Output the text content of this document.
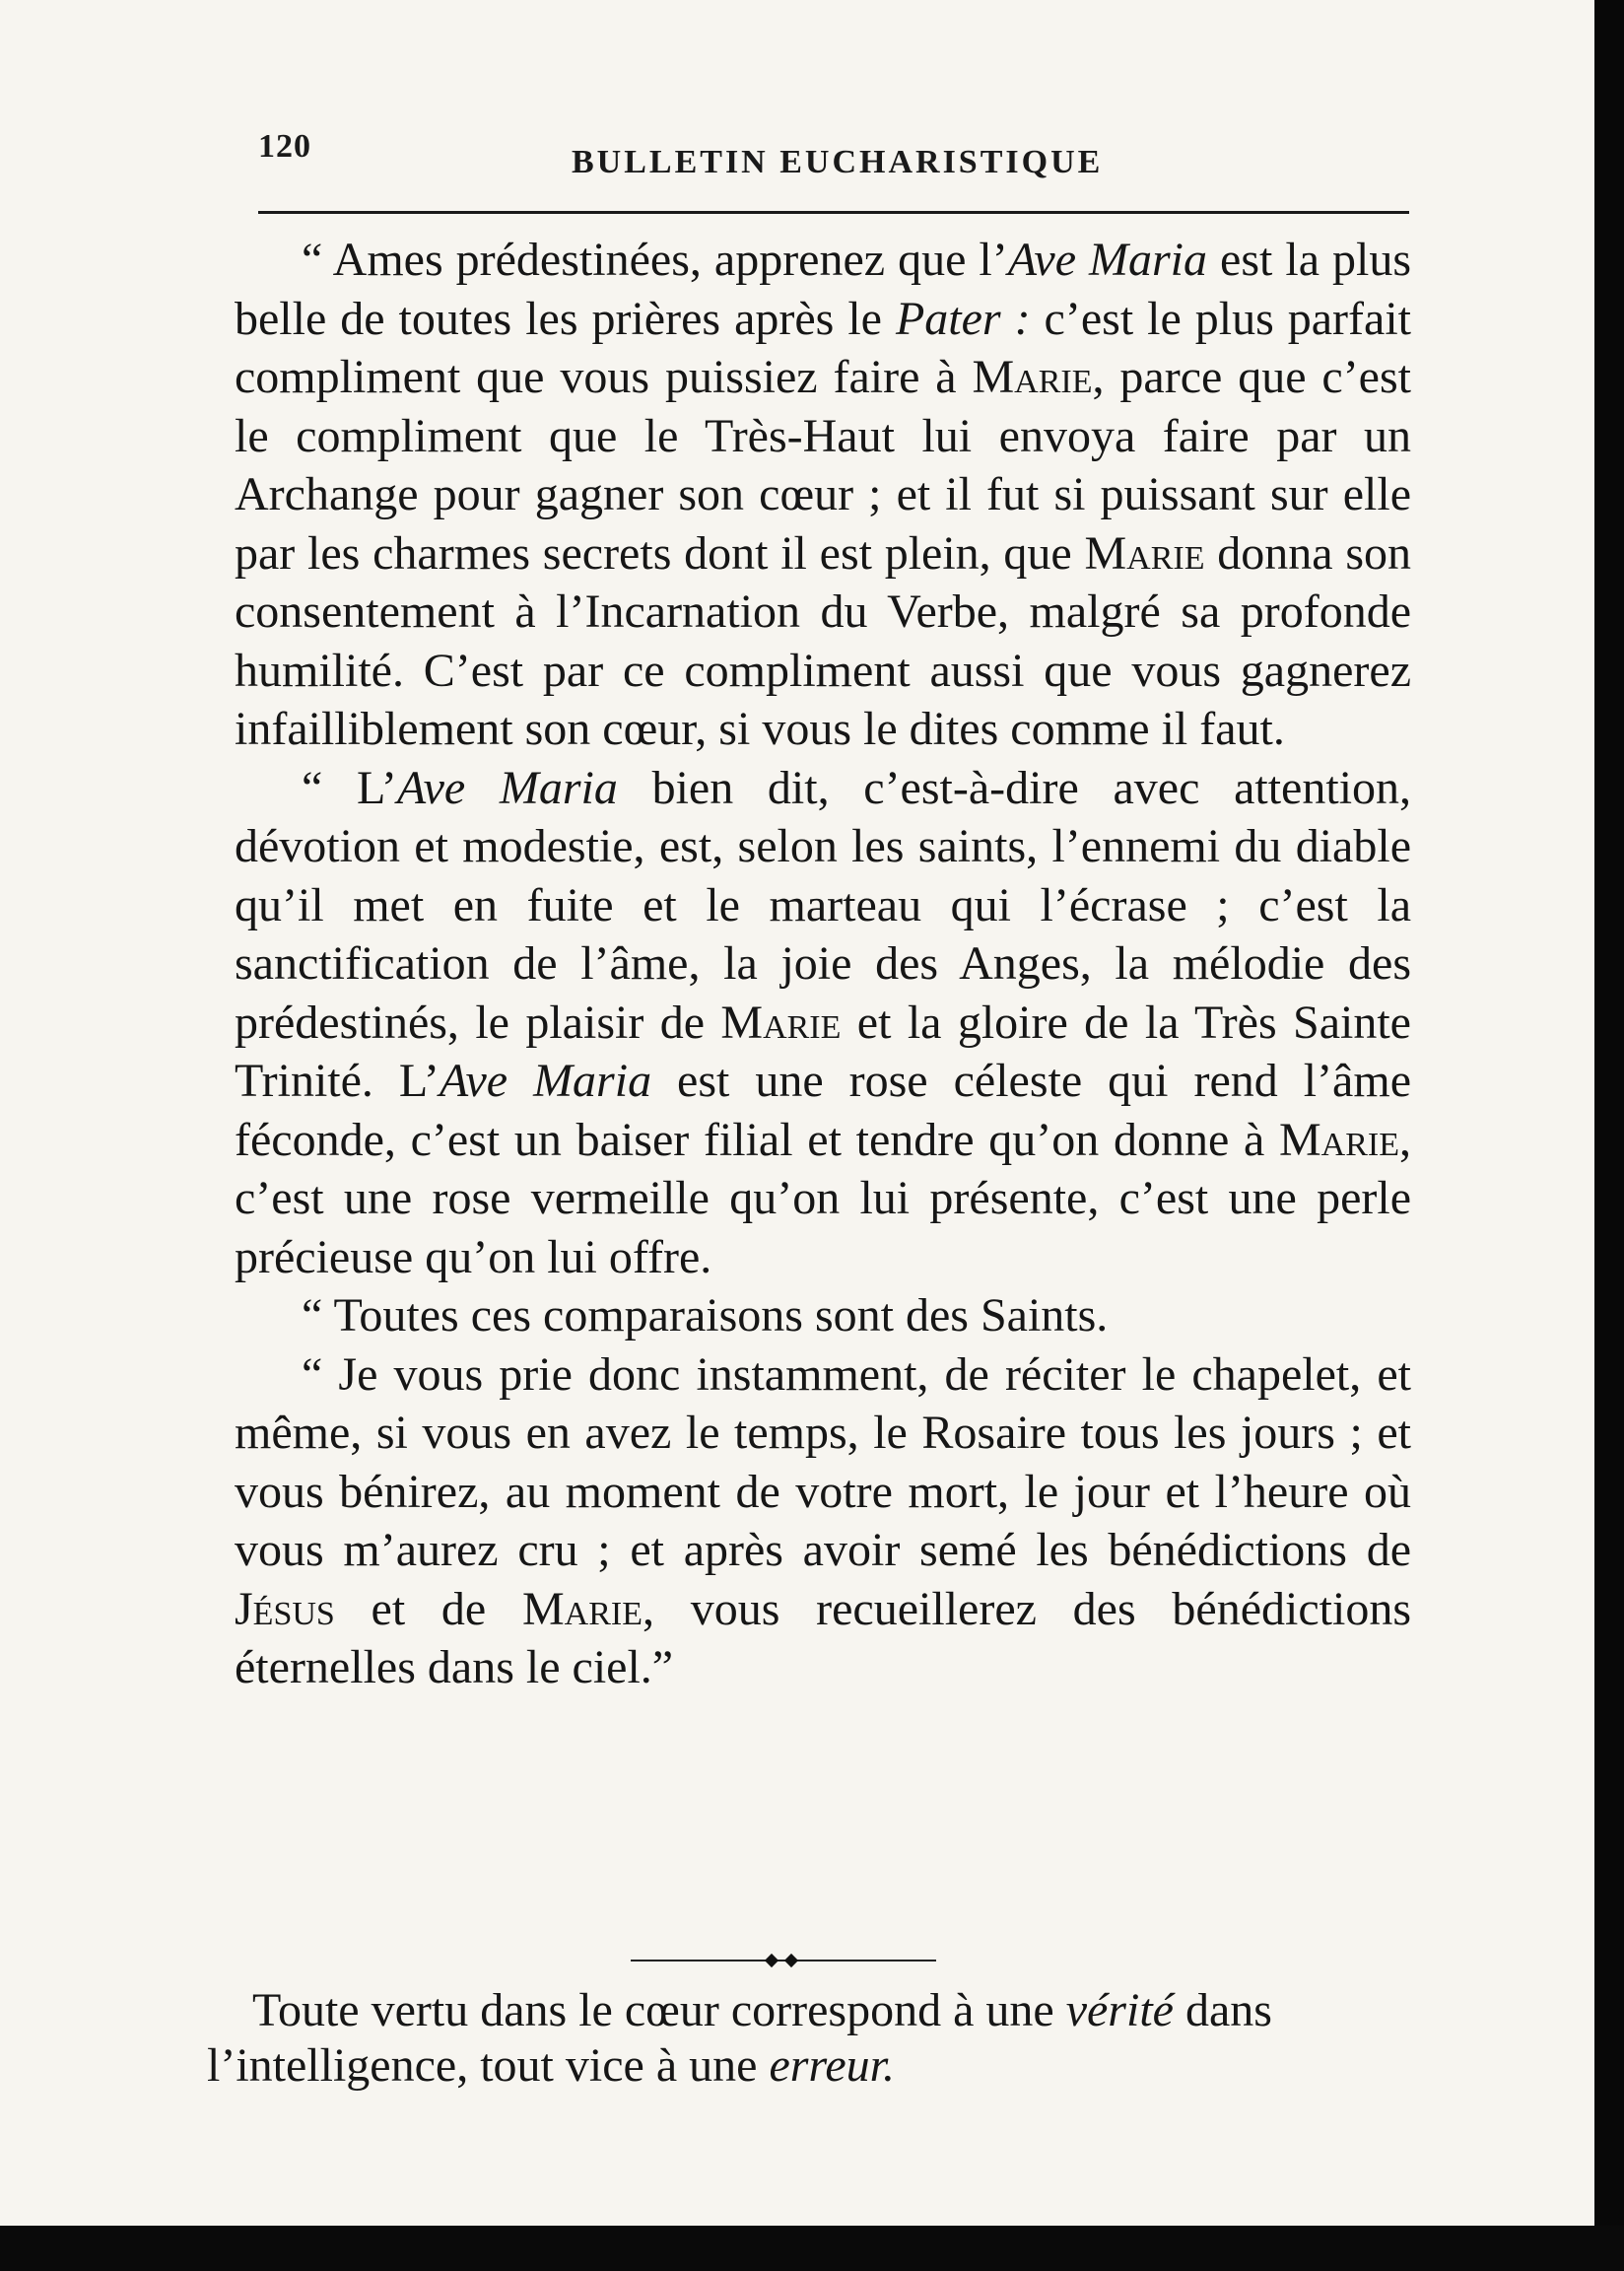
120	BULLETIN EUCHARISTIQUE

“ Ames prédestinées, apprenez que l’Ave Maria est la plus belle de toutes les prières après le Pater : c’est le plus parfait compliment que vous puissiez faire à Marie, parce que c’est le compliment que le Très-Haut lui envoya faire par un Archange pour gagner son cœur ; et il fut si puissant sur elle par les charmes secrets dont il est plein, que Marie donna son consentement à l’Incarnation du Verbe, malgré sa profonde humilité. C’est par ce compliment aussi que vous gagnerez infailliblement son cœur, si vous le dites comme il faut.

“ L’Ave Maria bien dit, c’est-à-dire avec attention, dévotion et modestie, est, selon les saints, l’ennemi du diable qu’il met en fuite et le marteau qui l’écrase ; c’est la sanctification de l’âme, la joie des Anges, la mélodie des prédestinés, le plaisir de Marie et la gloire de la Très Sainte Trinité. L’Ave Maria est une rose céleste qui rend l’âme féconde, c’est un baiser filial et tendre qu’on donne à Marie, c’est une rose vermeille qu’on lui présente, c’est une perle précieuse qu’on lui offre.

“ Toutes ces comparaisons sont des Saints.

“ Je vous prie donc instamment, de réciter le chapelet, et même, si vous en avez le temps, le Rosaire tous les jours ; et vous bénirez, au moment de votre mort, le jour et l’heure où vous m’aurez cru ; et après avoir semé les bénédictions de Jésus et de Marie, vous recueillerez des bénédictions éternelles dans le ciel.”

Toute vertu dans le cœur correspond à une vérité dans l’intelligence, tout vice à une erreur.
